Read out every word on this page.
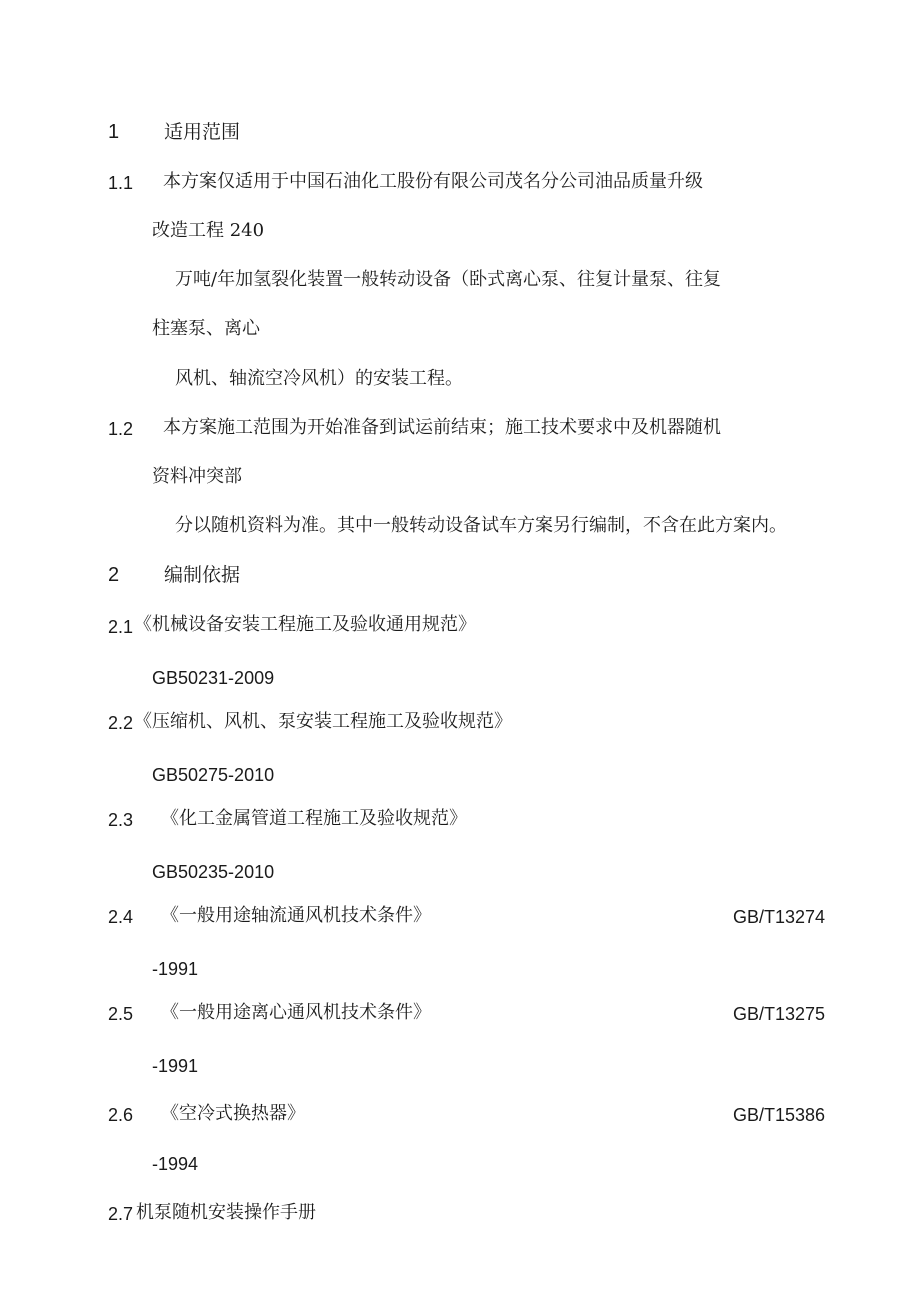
1 适用范围
1.1 本方案仅适用于中国石油化工股份有限公司茂名分公司油品质量升级
改造工程 240
万吨/年加氢裂化装置一般转动设备（卧式离心泵、往复计量泵、往复
柱塞泵、离心
风机、轴流空冷风机）的安装工程。
1.2 本方案施工范围为开始准备到试运前结束；施工技术要求中及机器随机
资料冲突部
分以随机资料为准。其中一般转动设备试车方案另行编制，不含在此方案内。
2 编制依据
2.1 《机械设备安装工程施工及验收通用规范》
GB50231-2009
2.2 《压缩机、风机、泵安装工程施工及验收规范》
GB50275-2010
2.3 《化工金属管道工程施工及验收规范》
GB50235-2010
2.4 《一般用途轴流通风机技术条件》	GB/T13274
-1991
2.5 《一般用途离心通风机技术条件》	GB/T13275
-1991
2.6 《空冷式换热器》	GB/T15386
-1994
2.7 机泵随机安装操作手册
